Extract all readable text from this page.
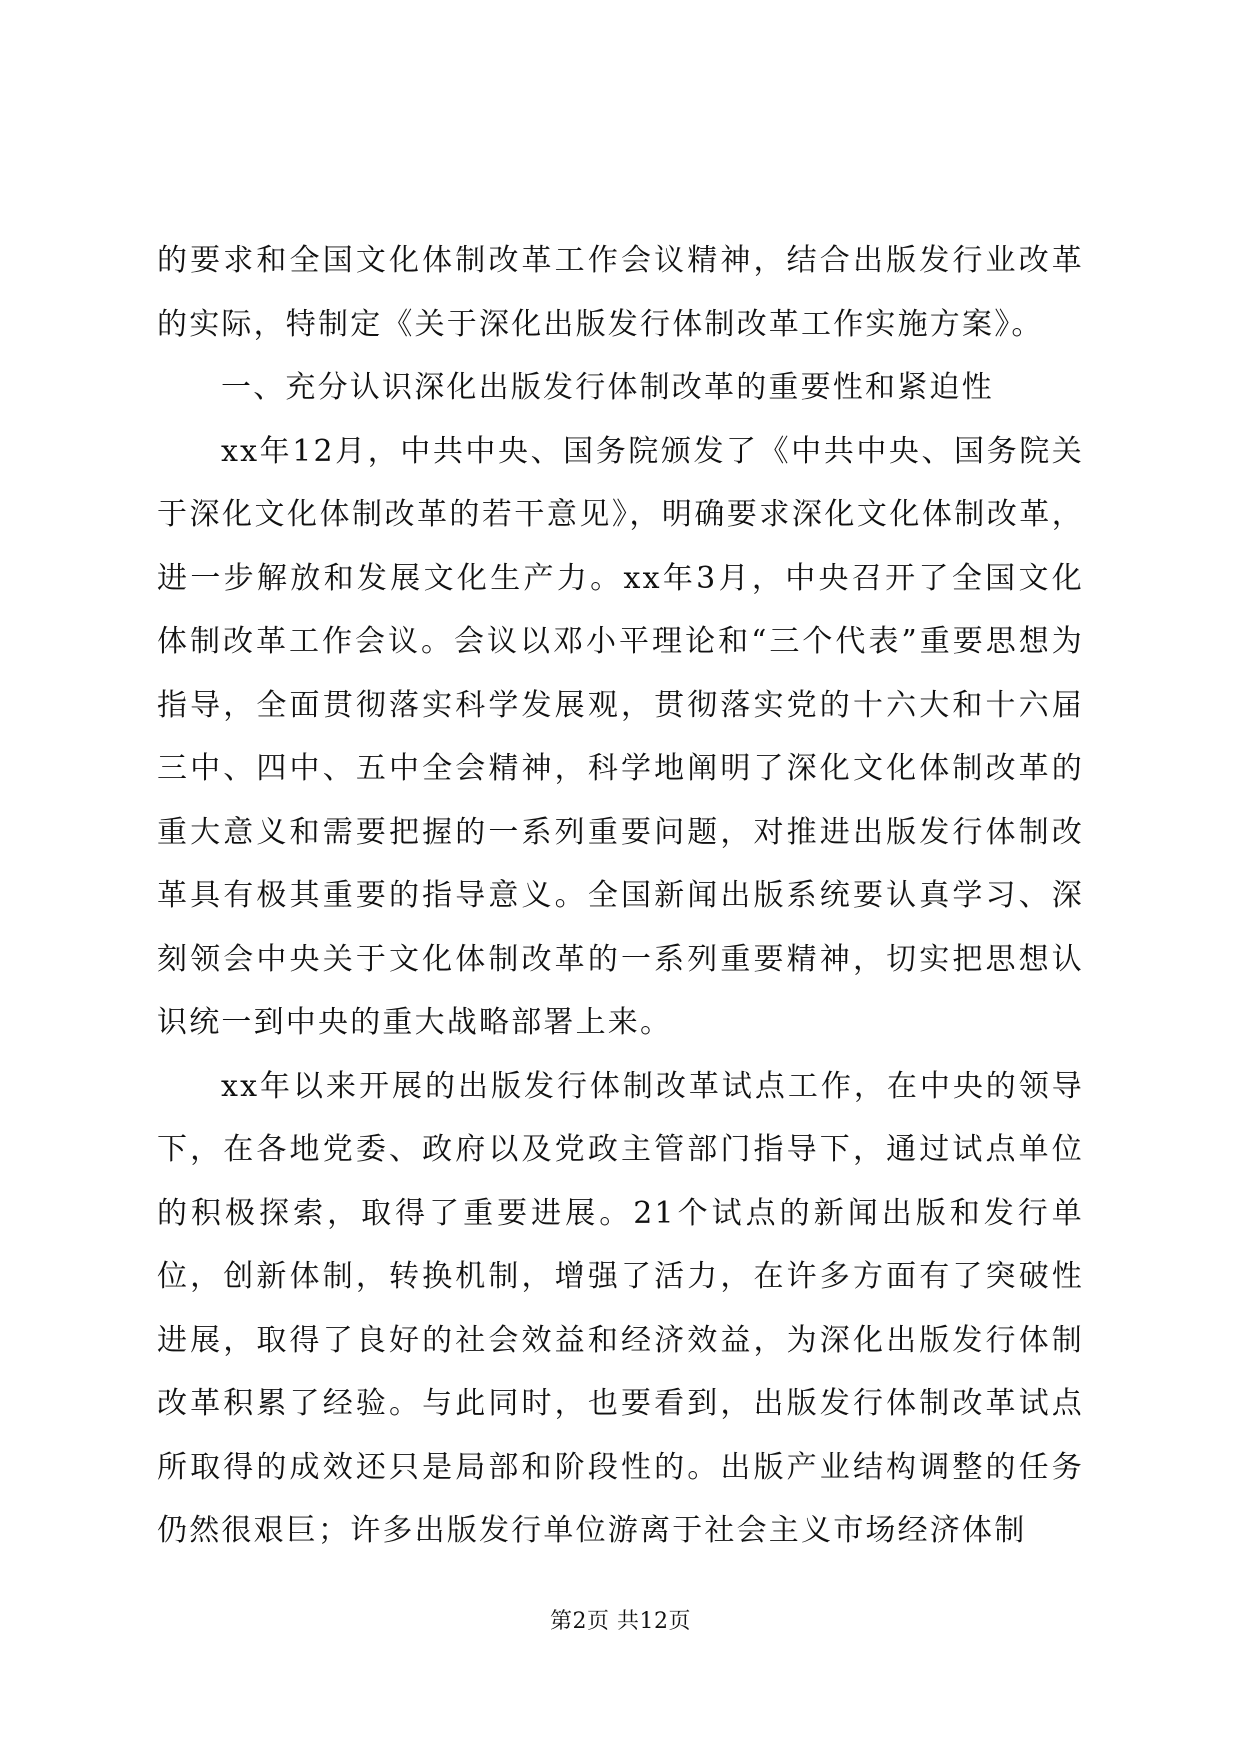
的要求和全国文化体制改革工作会议精神，结合出版发行业改革的实际，特制定《关于深化出版发行体制改革工作实施方案》。

一、充分认识深化出版发行体制改革的重要性和紧迫性

xx年12月，中共中央、国务院颁发了《中共中央、国务院关于深化文化体制改革的若干意见》，明确要求深化文化体制改革，进一步解放和发展文化生产力。xx年3月，中央召开了全国文化体制改革工作会议。会议以邓小平理论和“三个代表”重要思想为指导，全面贯彻落实科学发展观，贯彻落实党的十六大和十六届三中、四中、五中全会精神，科学地阐明了深化文化体制改革的重大意义和需要把握的一系列重要问题，对推进出版发行体制改革具有极其重要的指导意义。全国新闻出版系统要认真学习、深刻领会中央关于文化体制改革的一系列重要精神，切实把思想认识统一到中央的重大战略部署上来。

xx年以来开展的出版发行体制改革试点工作，在中央的领导下，在各地党委、政府以及党政主管部门指导下，通过试点单位的积极探索，取得了重要进展。21个试点的新闻出版和发行单位，创新体制，转换机制，增强了活力，在许多方面有了突破性进展，取得了良好的社会效益和经济效益，为深化出版发行体制改革积累了经验。与此同时，也要看到，出版发行体制改革试点所取得的成效还只是局部和阶段性的。出版产业结构调整的任务仍然很艰巨；许多出版发行单位游离于社会主义市场经济体制

第2页 共12页
